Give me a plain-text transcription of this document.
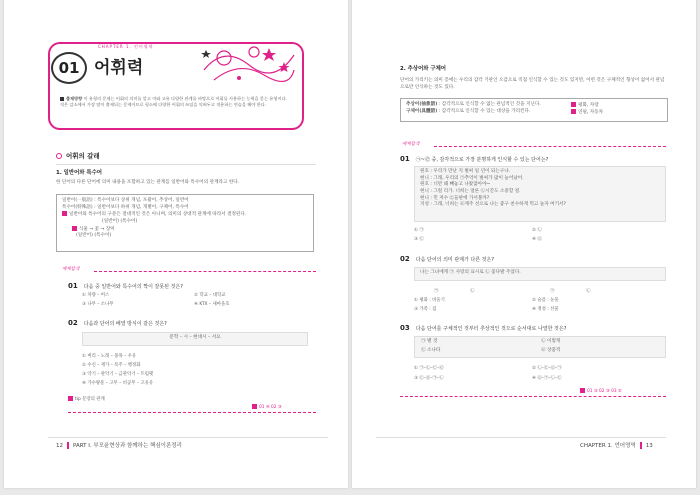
CHAPTER 1. 언어영역
01 어휘력
출제방향 이 유형의 문제는 어휘의 의미를 알고 이와 고유 다양한 관계를 바탕으로 어휘를 사용하는 능력을 묻는 유형이다. 적은 감소에서 가장 많이 출제되는 문제이므로 평소에 다양한 어휘의 쓰임을 익혀두고 적용하는 연습을 해야 한다.
어휘의 갈래
1. 일반어와 특수어
한 단어의 다른 단어에 의미 내용을 포함하고 있는 관계를 일반어와 특수어의 관계라고 한다.
일반어(一般語) : 특수어보다 상위 개념, 포괄어, 추상어, 일반어
특수어(特殊語) : 일반어보다 하위 개념, 개별어, 구체어, 특수어
일반어와 특수어의 구분은 절대적인 것은 아니며, 의미의 상대적 관계에 따라서 결정된다.
(일반어) (특수어)
식물 → 꽃 → 장미
(일반어) (특수어)
예제탐색
01 다음 중 일반어와 특수어의 짝이 잘못된 것은?
① 차량 – 버스	② 학교 – 대학교
③ 나무 – 소나무	④ KTX – 새마을호
02 다음과 단어의 배열 방식이 같은 것은?
문학 – 시 – 현대시 – 서요
① 버리 – 노래 – 몽목 – 우유
② 수신 – 재가 – 폭주 – 행정화
③ 악기 – 관악기 – 금관악기 – 트럼펫
④ 가수왕물 – 고무 – 비공무 – 고유유
tip 문장의 관계
01 ④ 02 ③
12 PART I. 부모윤현상과 함께하는 핵심이론정리
2. 추상어와 구체어
단어의 가리키는 의미 층에는 우리의 감각 기관인 오감으로 직접 인식할 수 있는 것도 있지만, 어떤 것은 구체적인 형상이 없어서 관념으로만 인식하는 것도 있다.
추상어(抽象語) : 감각적으로 인식할 수 없는 관념적인 것을 지닌다.	평화, 자랑
구체어(具體語) : 감각적으로 인식할 수 있는 대상을 가리킨다.	연필, 자동차
예제탐색
01 ㉠~㉣ 중, 감각적으로 가장 분명하게 인식할 수 있는 단어는?
원호 : 우리가 만난 지 벌써 일 년이 되는구나.
현니 : 그래, 우리의 ㉠추억이 벌써가 많이 늘어났어.
원호 : 너만 왜 빼놓고 나왔잖아야~
현니 : 그럴 리가. 너희는 얼른 ㉡시간도 소중할 걸.
현니 : 민 저수 ㉢들판에 가서볼까?
지성 : 그래, 너희는 ㉣재주 선으로 나는 좋구 친수하게 먹고 놀자 여기서?
① ㉠	② ㉡
③ ㉢	④ ㉣
02 다음 단어의 의미 관계가 다른 것은?
나는 그녀에게 ㉠ 사랑의 표시로 ㉡ 꽃다발 주었다.
㉠	㉡	㉠	㉡
① 평화 : 비둘기	② 슬픔 : 눈물
③ 가족 : 집	④ 정성 : 선물
03 다음 단어를 구체적인 것부터 추상적인 것으로 순서대로 나열한 것은?
㉠ 별 것	㉡ 이렇게
㉢ 소나타	㉣ 상품적
① ㉠–㉡–㉢–㉣	② ㉡–㉢–㉣–㉠
③ ㉢–㉣–㉠–㉡	④ ㉣–㉠–㉡–㉢
01 ③ 02 ③ 03 ②
CHAPTER 1. 언어영역 13
